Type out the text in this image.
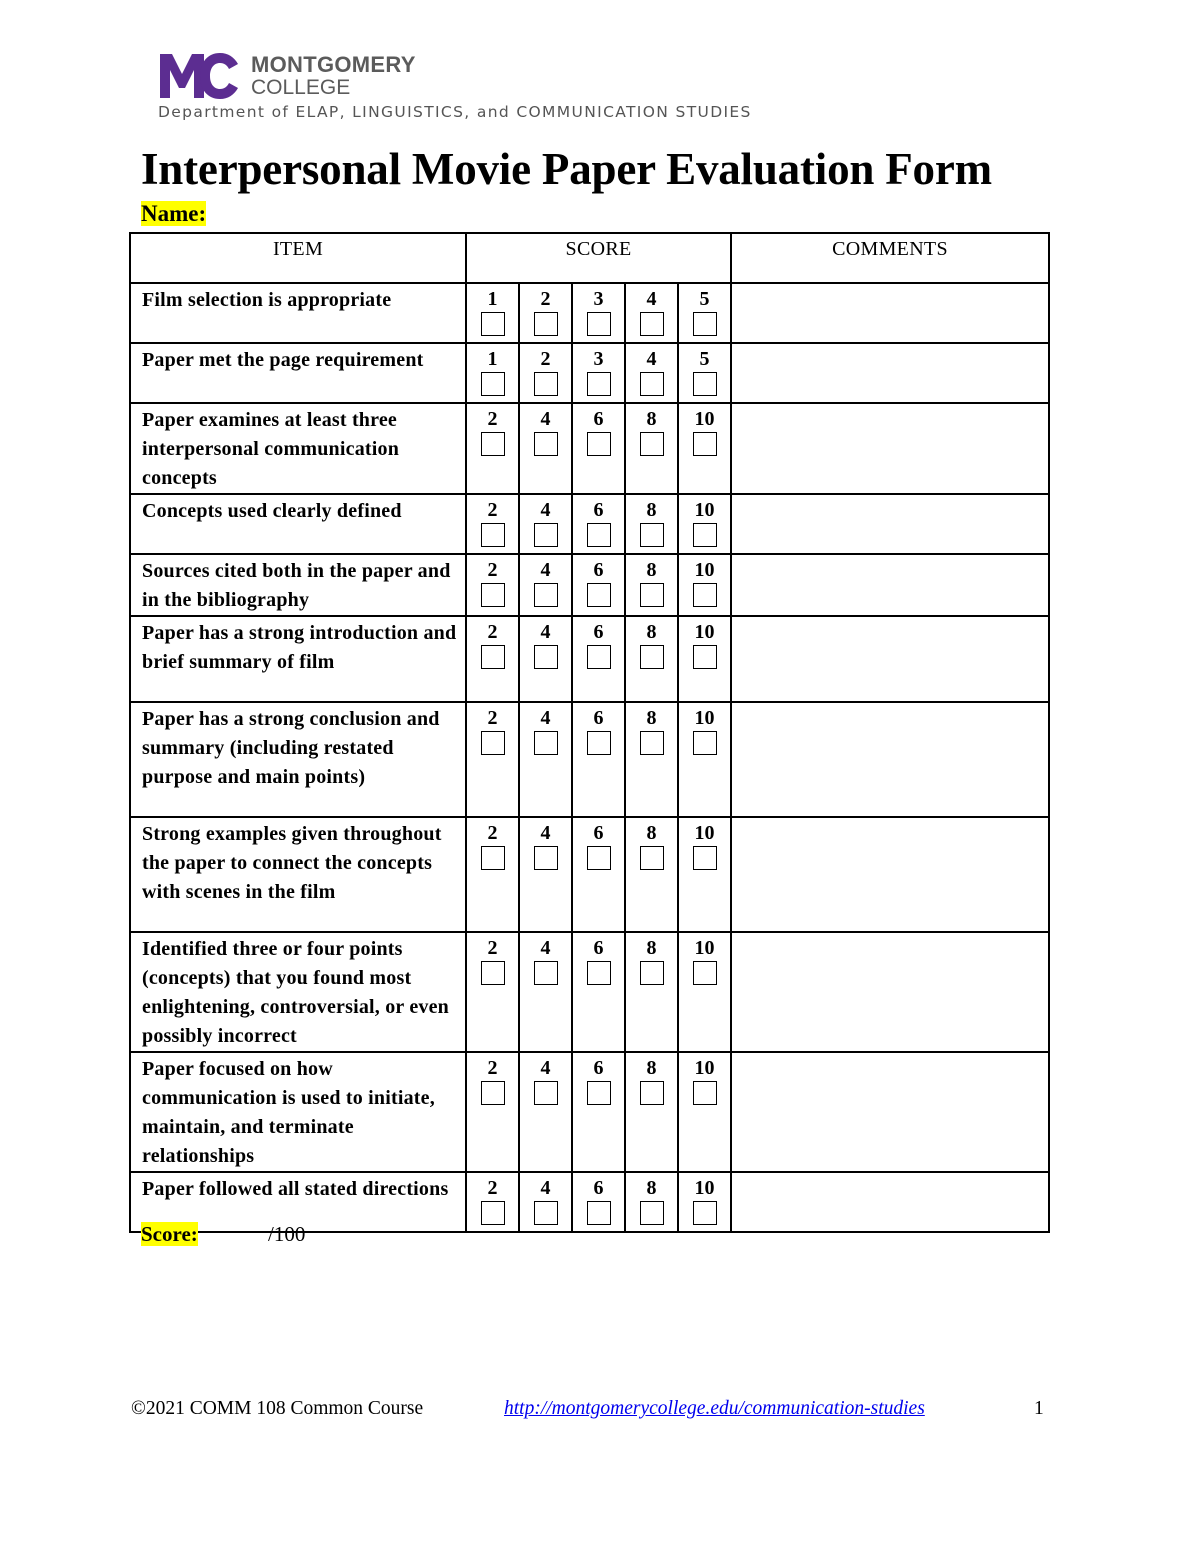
MONTGOMERY
COLLEGE
Department of ELAP, LINGUISTICS, and COMMUNICATION STUDIES
Interpersonal Movie Paper Evaluation Form
Name:
ITEM	SCORE					COMMENTS
Film selection is appropriate	1	2	3	4	5	

Paper met the page requirement	1	2	3	4	5	

Paper examines at least three interpersonal communication concepts	2	4	6	8	10	

Concepts used clearly defined	2	4	6	8	10	

Sources cited both in the paper and in the bibliography	2	4	6	8	10	

Paper has a strong introduction and brief summary of film	2	4	6	8	10	

Paper has a strong conclusion and summary (including restated purpose and main points)	2	4	6	8	10	

Strong examples given throughout the paper to connect the concepts with scenes in the film	2	4	6	8	10	

Identified three or four points (concepts) that you found most enlightening, controversial, or even possibly incorrect	2	4	6	8	10	

Paper focused on how communication is used to initiate, maintain, and terminate relationships	2	4	6	8	10	

Paper followed all stated directions	2	4	6	8	10	

Score:	/100
©2021 COMM 108 Common Course	http://montgomerycollege.edu/communication-studies	1
